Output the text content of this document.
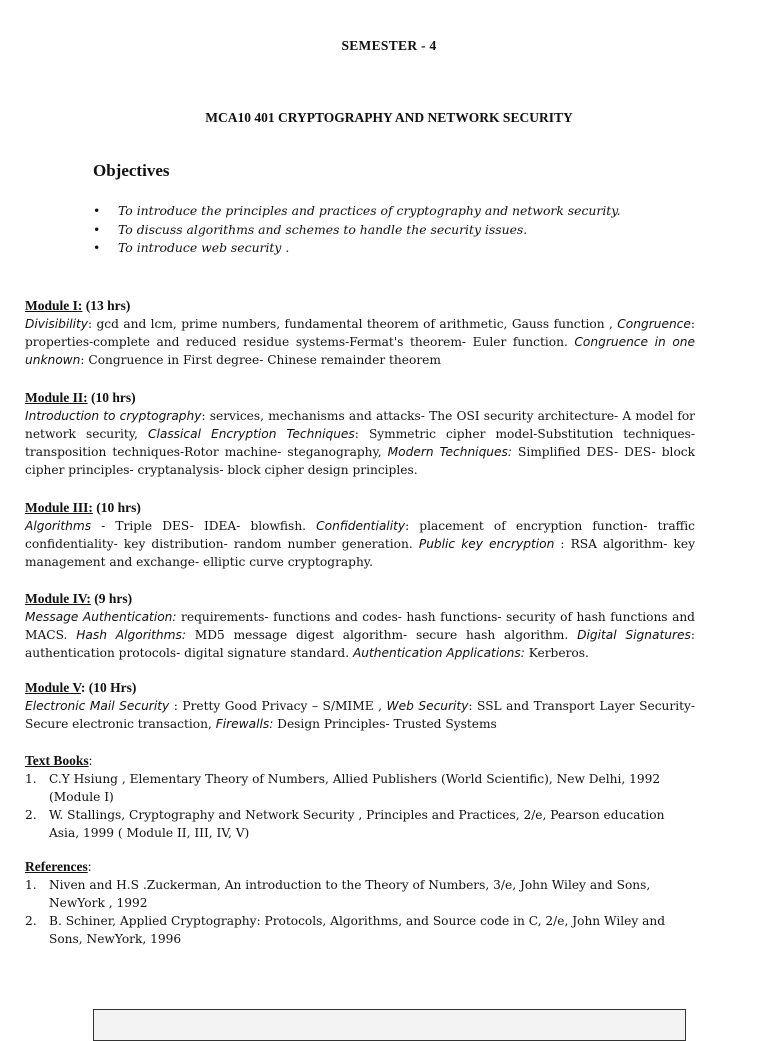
SEMESTER - 4
MCA10 401 CRYPTOGRAPHY AND NETWORK SECURITY
Objectives
• To introduce the principles and practices of cryptography and network security.
• To discuss algorithms and schemes to handle the security issues.
• To introduce web security .
Module I: (13 hrs)
Divisibility: gcd and lcm, prime numbers, fundamental theorem of arithmetic, Gauss function , Congruence: properties-complete and reduced residue systems-Fermat's theorem- Euler function. Congruence in one unknown: Congruence in First degree- Chinese remainder theorem
Module II: (10 hrs)
Introduction to cryptography: services, mechanisms and attacks- The OSI security architecture- A model for network security, Classical Encryption Techniques: Symmetric cipher model-Substitution techniques- transposition techniques-Rotor machine- steganography, Modern Techniques: Simplified DES- DES- block cipher principles- cryptanalysis- block cipher design principles.
Module III: (10 hrs)
Algorithms - Triple DES- IDEA- blowfish. Confidentiality: placement of encryption function- traffic confidentiality- key distribution- random number generation. Public key encryption : RSA algorithm- key management and exchange- elliptic curve cryptography.
Module IV: (9 hrs)
Message Authentication: requirements- functions and codes- hash functions- security of hash functions and MACS. Hash Algorithms: MD5 message digest algorithm- secure hash algorithm. Digital Signatures: authentication protocols- digital signature standard. Authentication Applications: Kerberos.
Module V: (10 Hrs)
Electronic Mail Security : Pretty Good Privacy – S/MIME , Web Security: SSL and Transport Layer Security- Secure electronic transaction, Firewalls: Design Principles- Trusted Systems
Text Books:
1. C.Y Hsiung , Elementary Theory of Numbers, Allied Publishers (World Scientific), New Delhi, 1992 (Module I)
2. W. Stallings, Cryptography and Network Security , Principles and Practices, 2/e, Pearson education Asia, 1999 ( Module II, III, IV, V)
References:
1. Niven and H.S .Zuckerman, An introduction to the Theory of Numbers, 3/e, John Wiley and Sons, NewYork , 1992
2. B. Schiner, Applied Cryptography: Protocols, Algorithms, and Source code in C, 2/e, John Wiley and Sons, NewYork, 1996
